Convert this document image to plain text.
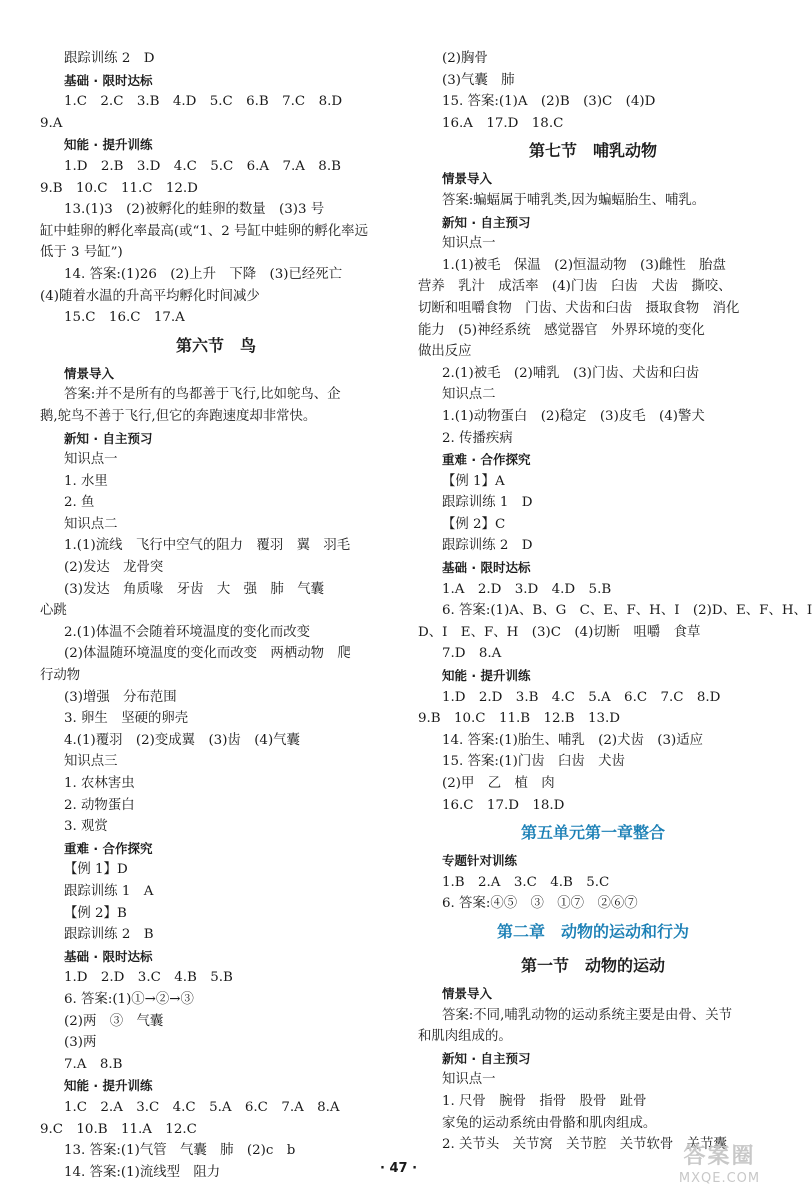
跟踪训练 2　D
基础 · 限时达标
1.C　2.C　3.B　4.D　5.C　6.B　7.C　8.D
9.A
知能 · 提升训练
1.D　2.B　3.D　4.C　5.C　6.A　7.A　8.B
9.B　10.C　11.C　12.D
13.(1)3　(2)被孵化的蛙卵的数量　(3)3 号
缸中蛙卵的孵化率最高(或“1、2 号缸中蛙卵的孵化率远
低于 3 号缸”)
14. 答案:(1)26　(2)上升　下降　(3)已经死亡
(4)随着水温的升高平均孵化时间减少
15.C　16.C　17.A
第六节　鸟
情景导入
答案:并不是所有的鸟都善于飞行,比如鸵鸟、企
鹅,鸵鸟不善于飞行,但它的奔跑速度却非常快。
新知 · 自主预习
知识点一
1. 水里
2. 鱼
知识点二
1.(1)流线　飞行中空气的阻力　覆羽　翼　羽毛
(2)发达　龙骨突
(3)发达　角质喙　牙齿　大　强　肺　气囊
心跳
2.(1)体温不会随着环境温度的变化而改变
(2)体温随环境温度的变化而改变　两栖动物　爬
行动物
(3)增强　分布范围
3. 卵生　坚硬的卵壳
4.(1)覆羽　(2)变成翼　(3)齿　(4)气囊
知识点三
1. 农林害虫
2. 动物蛋白
3. 观赏
重难 · 合作探究
【例 1】D
跟踪训练 1　A
【例 2】B
跟踪训练 2　B
基础 · 限时达标
1.D　2.D　3.C　4.B　5.B
6. 答案:(1)①→②→③
(2)两　③　气囊
(3)两
7.A　8.B
知能 · 提升训练
1.C　2.A　3.C　4.C　5.A　6.C　7.A　8.A
9.C　10.B　11.A　12.C
13. 答案:(1)气管　气囊　肺　(2)c　b
14. 答案:(1)流线型　阻力
(2)胸骨
(3)气囊　肺
15. 答案:(1)A　(2)B　(3)C　(4)D
16.A　17.D　18.C
第七节　哺乳动物
情景导入
答案:蝙蝠属于哺乳类,因为蝙蝠胎生、哺乳。
新知 · 自主预习
知识点一
1.(1)被毛　保温　(2)恒温动物　(3)雌性　胎盘
营养　乳汁　成活率　(4)门齿　臼齿　犬齿　撕咬、
切断和咀嚼食物　门齿、犬齿和臼齿　摄取食物　消化
能力　(5)神经系统　感觉器官　外界环境的变化
做出反应
2.(1)被毛　(2)哺乳　(3)门齿、犬齿和臼齿
知识点二
1.(1)动物蛋白　(2)稳定　(3)皮毛　(4)警犬
2. 传播疾病
重难 · 合作探究
【例 1】A
跟踪训练 1　D
【例 2】C
跟踪训练 2　D
基础 · 限时达标
1.A　2.D　3.D　4.D　5.B
6. 答案:(1)A、B、G　C、E、F、H、I　(2)D、E、F、H、I
D、I　E、F、H　(3)C　(4)切断　咀嚼　食草
7.D　8.A
知能 · 提升训练
1.D　2.D　3.B　4.C　5.A　6.C　7.C　8.D
9.B　10.C　11.B　12.B　13.D
14. 答案:(1)胎生、哺乳　(2)犬齿　(3)适应
15. 答案:(1)门齿　臼齿　犬齿
(2)甲　乙　植　肉
16.C　17.D　18.D
第五单元第一章整合
专题针对训练
1.B　2.A　3.C　4.B　5.C
6. 答案:④⑤　③　①⑦　②⑥⑦
第二章　动物的运动和行为
第一节　动物的运动
情景导入
答案:不同,哺乳动物的运动系统主要是由骨、关节
和肌肉组成的。
新知 · 自主预习
知识点一
1. 尺骨　腕骨　指骨　股骨　趾骨
家兔的运动系统由骨骼和肌肉组成。
2. 关节头　关节窝　关节腔　关节软骨　关节囊
· 47 ·	答案圈
MXQE.COM
